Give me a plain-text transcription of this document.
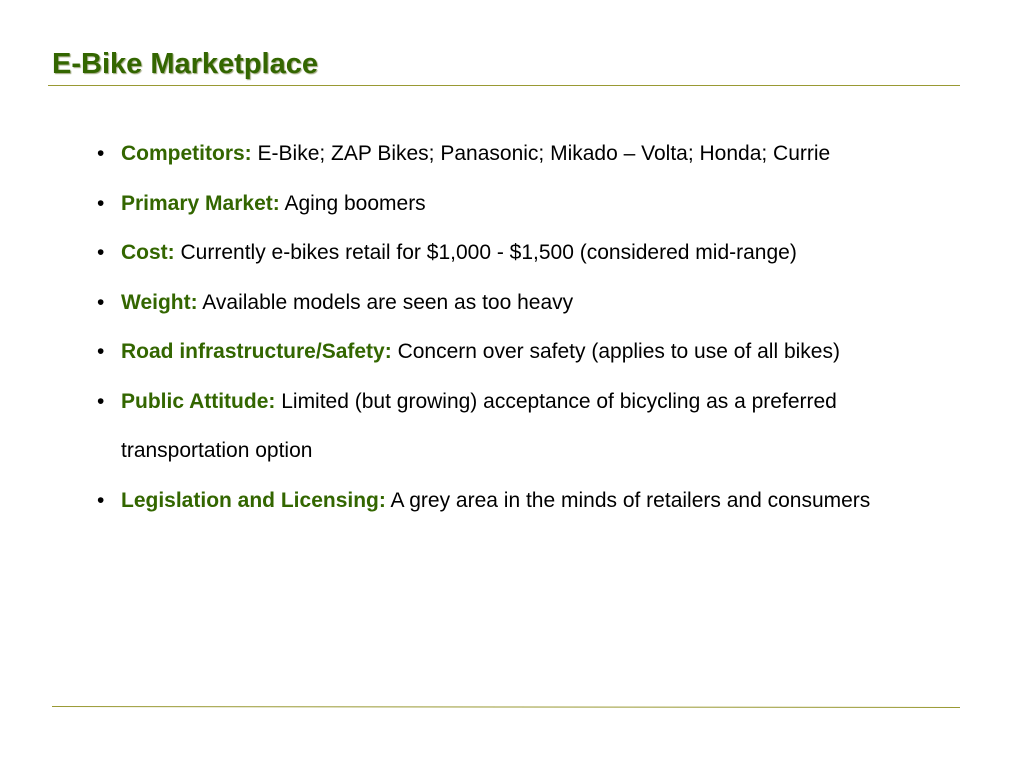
E-Bike Marketplace
• Competitors: E-Bike; ZAP Bikes; Panasonic; Mikado – Volta; Honda; Currie
• Primary Market: Aging boomers
• Cost: Currently e-bikes retail for $1,000 - $1,500 (considered mid-range)
• Weight: Available models are seen as too heavy
• Road infrastructure/Safety: Concern over safety (applies to use of all bikes)
• Public Attitude: Limited (but growing) acceptance of bicycling as a preferred transportation option
• Legislation and Licensing: A grey area in the minds of retailers and consumers
